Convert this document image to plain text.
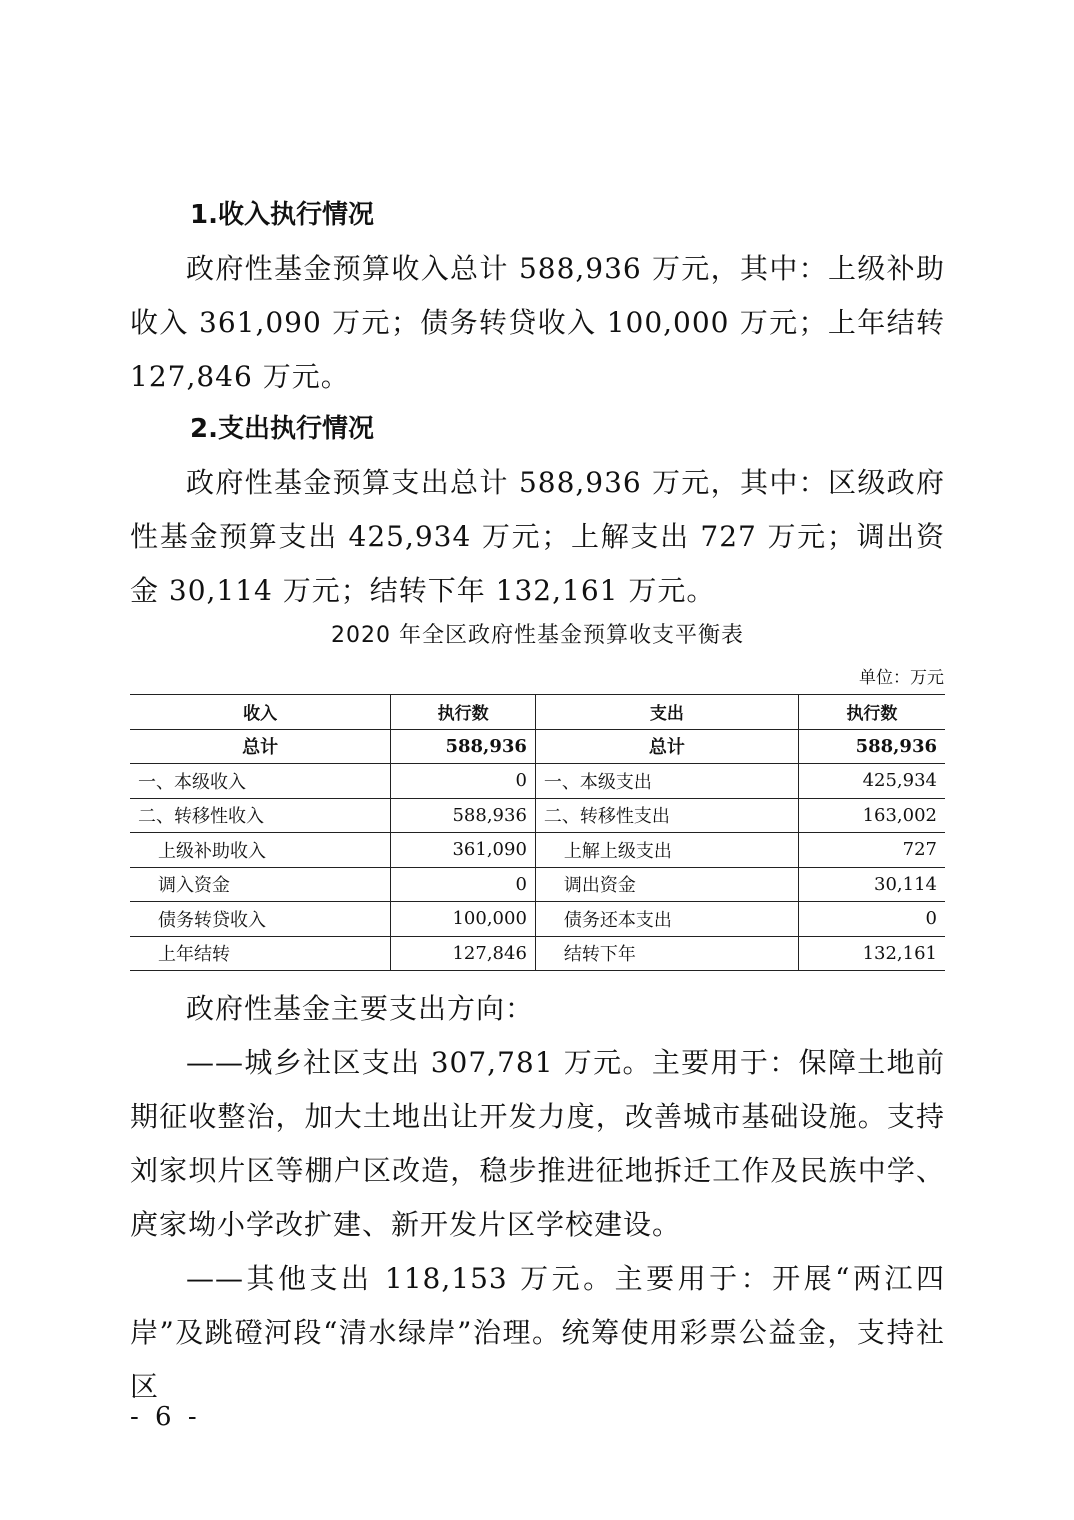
1.收入执行情况

政府性基金预算收入总计 588,936 万元，其中：上级补助收入 361,090 万元；债务转贷收入 100,000 万元；上年结转 127,846 万元。

2.支出执行情况

政府性基金预算支出总计 588,936 万元，其中：区级政府性基金预算支出 425,934 万元；上解支出 727 万元；调出资金 30,114 万元；结转下年 132,161 万元。

2020 年全区政府性基金预算收支平衡表
单位：万元
收入	执行数	支出	执行数
总计	588,936	总计	588,936
一、本级收入	0	一、本级支出	425,934
二、转移性收入	588,936	二、转移性支出	163,002
上级补助收入	361,090	上解上级支出	727
调入资金	0	调出资金	30,114
债务转贷收入	100,000	债务还本支出	0
上年结转	127,846	结转下年	132,161

政府性基金主要支出方向：

——城乡社区支出 307,781 万元。主要用于：保障土地前期征收整治，加大土地出让开发力度，改善城市基础设施。支持刘家坝片区等棚户区改造，稳步推进征地拆迁工作及民族中学、庹家坳小学改扩建、新开发片区学校建设。

——其他支出 118,153 万元。主要用于：开展“两江四岸”及跳磴河段“清水绿岸”治理。统筹使用彩票公益金，支持社区

- 6 -
